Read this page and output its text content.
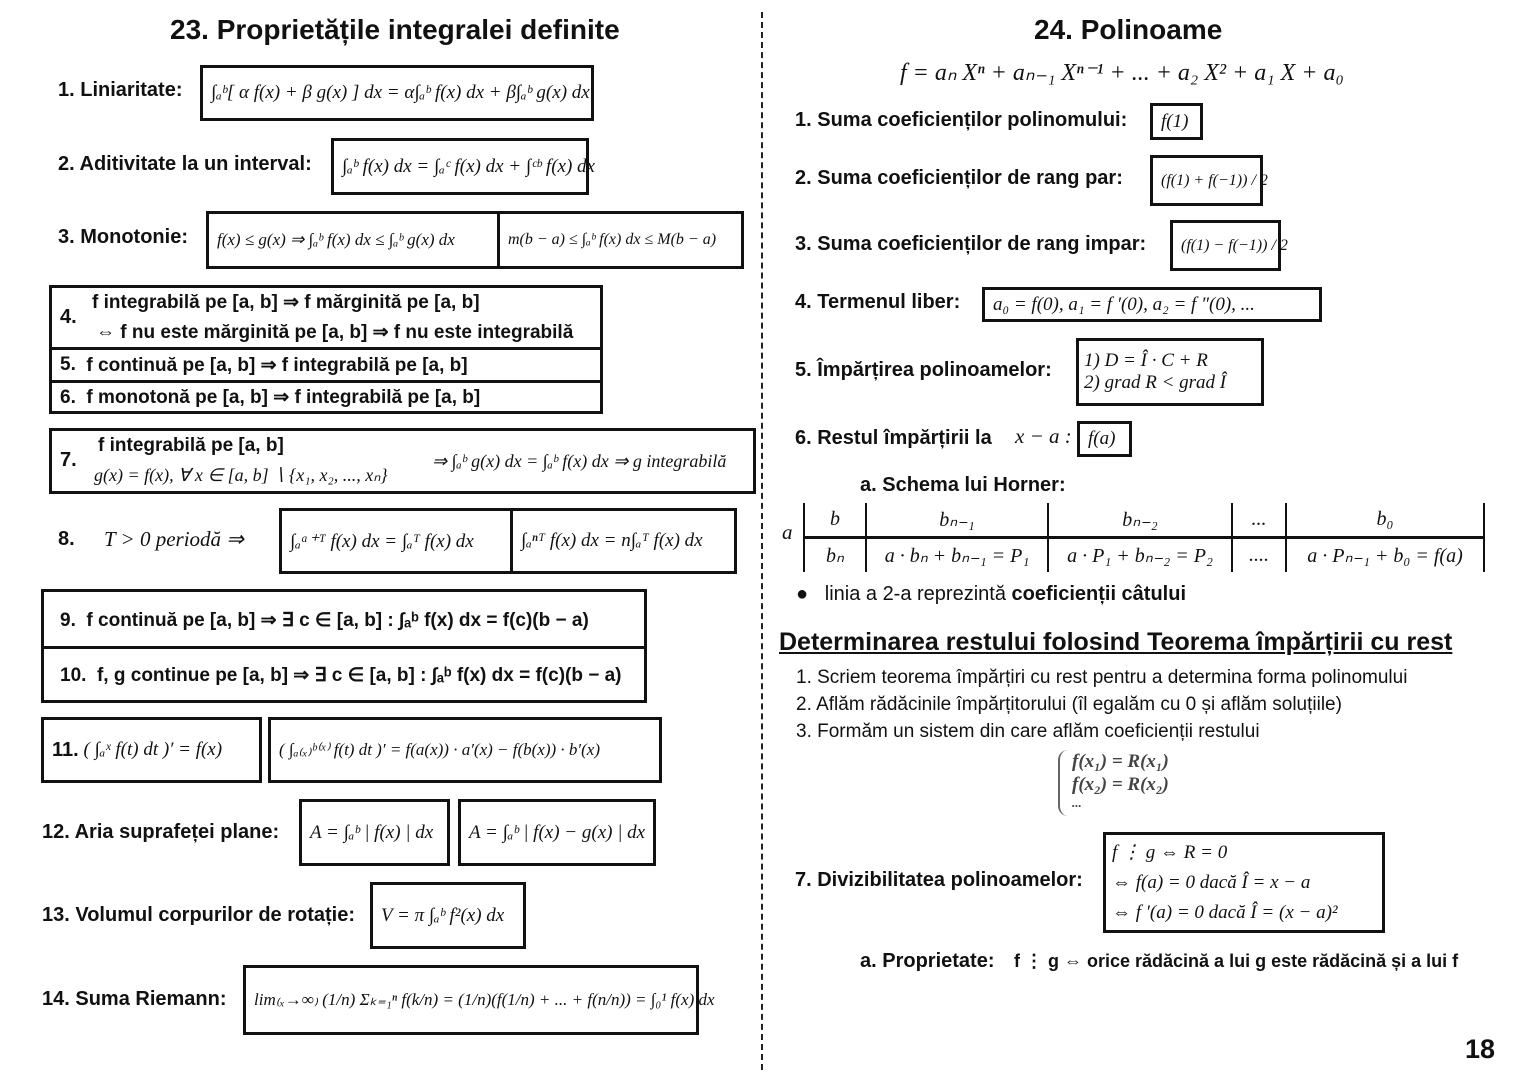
23. Proprietățile integralei definite	24. Polinoame
1. Liniaritate:	∫ₐᵇ[ α f(x) + β g(x) ] dx = α∫ₐᵇ f(x) dx + β∫ₐᵇ g(x) dx
2. Aditivitate la un interval:	∫ₐᵇ f(x) dx = ∫ₐᶜ f(x) dx + ∫ᶜᵇ f(x) dx
3. Monotonie:	f(x) ≤ g(x) ⇒ ∫ₐᵇ f(x) dx ≤ ∫ₐᵇ g(x) dx	m(b − a) ≤ ∫ₐᵇ f(x) dx ≤ M(b − a)
4.
f integrabilă pe [a, b] ⇒ f mărginită pe [a, b]
⇔ f nu este mărginită pe [a, b] ⇒ f nu este integrabilă
5.
f continuă pe [a, b] ⇒ f integrabilă pe [a, b]
6.
f monotonă pe [a, b] ⇒ f integrabilă pe [a, b]
7.
f integrabilă pe [a, b]
g(x) = f(x), ∀ x ∈ [a, b] ∖ {x₁, x₂, ..., xₙ}
⇒ ∫ₐᵇ g(x) dx = ∫ₐᵇ f(x) dx ⇒ g integrabilă
8. T > 0 periodă ⇒	∫ₐᵃ⁺ᵀ f(x) dx = ∫ₐᵀ f(x) dx	∫ₐⁿᵀ f(x) dx = n∫ₐᵀ f(x) dx
9. f continuă pe [a, b] ⇒ ∃ c ∈ [a, b] : ∫ₐᵇ f(x) dx = f(c)(b − a)
10. f, g continue pe [a, b] ⇒ ∃ c ∈ [a, b] : ∫ₐᵇ f(x) dx = f(c)(b − a)
11.
( ∫ₐˣ f(t) dt )′ = f(x)	( ∫ₐ₍ₓ₎ᵇ⁽ˣ⁾ f(t) dt )′ = f(a(x)) · a′(x) − f(b(x)) · b′(x)
12. Aria suprafeței plane:	A = ∫ₐᵇ | f(x) | dx	A = ∫ₐᵇ | f(x) − g(x) | dx
13. Volumul corpurilor de rotație:	V = π ∫ₐᵇ f²(x) dx
14. Suma Riemann:	lim₍ₓ→∞₎ (1/n) Σₖ₌₁ⁿ f(k/n) = (1/n)(f(1/n) + ... + f(n/n)) = ∫₀¹ f(x) dx
f = aₙ Xⁿ + aₙ₋₁ Xⁿ⁻¹ + ... + a₂ X² + a₁ X + a₀
1. Suma coeficienților polinomului:	f(1)
2. Suma coeficienților de rang par:	(f(1) + f(−1)) / 2
3. Suma coeficienților de rang impar:	(f(1) − f(−1)) / 2
4. Termenul liber:	a₀ = f(0), a₁ = f ′(0), a₂ = f ″(0), ...
5. Împărțirea polinoamelor: 1) D = Î · C + R
2) grad R < grad Î
6. Restul împărțirii la x − a : f(a)
a. Schema lui Horner:
a
b	bₙ₋₁	bₙ₋₂	...	b₀
bₙ	a · bₙ + bₙ₋₁ = P₁	a · P₁ + bₙ₋₂ = P₂	....	a · Pₙ₋₁ + b₀ = f(a)
●   linia a 2-a reprezintă coeficienții câtului
Determinarea restului folosind Teorema împărțirii cu rest
1. Scriem teorema împărțiri cu rest pentru a determina forma polinomului
2. Aflăm rădăcinile împărțitorului (îl egalăm cu 0 și aflăm soluțiile)
3. Formăm un sistem din care aflăm coeficienții restului
f(x₁) = R(x₁)
f(x₂) = R(x₂)
...
7. Divizibilitatea polinoamelor:
f ⋮ g ⇔ R = 0
⇔ f(a) = 0 dacă Î = x − a
⇔ f ′(a) = 0 dacă Î = (x − a)²
a. Proprietate: f ⋮ g ⇔ orice rădăcină a lui g este rădăcină și a lui f
18
